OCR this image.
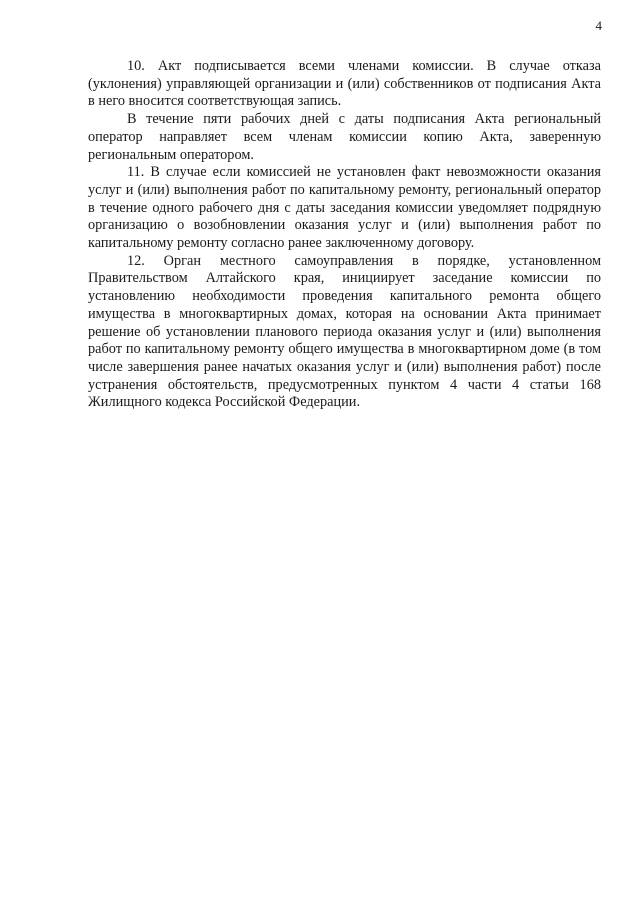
4

10. Акт подписывается всеми членами комиссии. В случае отказа (уклонения) управляющей организации и (или) собственников от подписания Акта в него вносится соответствующая запись.

В течение пяти рабочих дней с даты подписания Акта региональный оператор направляет всем членам комиссии копию Акта, заверенную региональным оператором.

11. В случае если комиссией не установлен факт невозможности оказания услуг и (или) выполнения работ по капитальному ремонту, региональный оператор в течение одного рабочего дня с даты заседания комиссии уведомляет подрядную организацию о возобновлении оказания услуг и (или) выполнения работ по капитальному ремонту согласно ранее заключенному договору.

12. Орган местного самоуправления в порядке, установленном Правительством Алтайского края, инициирует заседание комиссии по установлению необходимости проведения капитального ремонта общего имущества в многоквартирных домах, которая на основании Акта принимает решение об установлении планового периода оказания услуг и (или) выполнения работ по капитальному ремонту общего имущества в многоквартирном доме (в том числе завершения ранее начатых оказания услуг и (или) выполнения работ) после устранения обстоятельств, предусмотренных пунктом 4 части 4 статьи 168 Жилищного кодекса Российской Федерации.
